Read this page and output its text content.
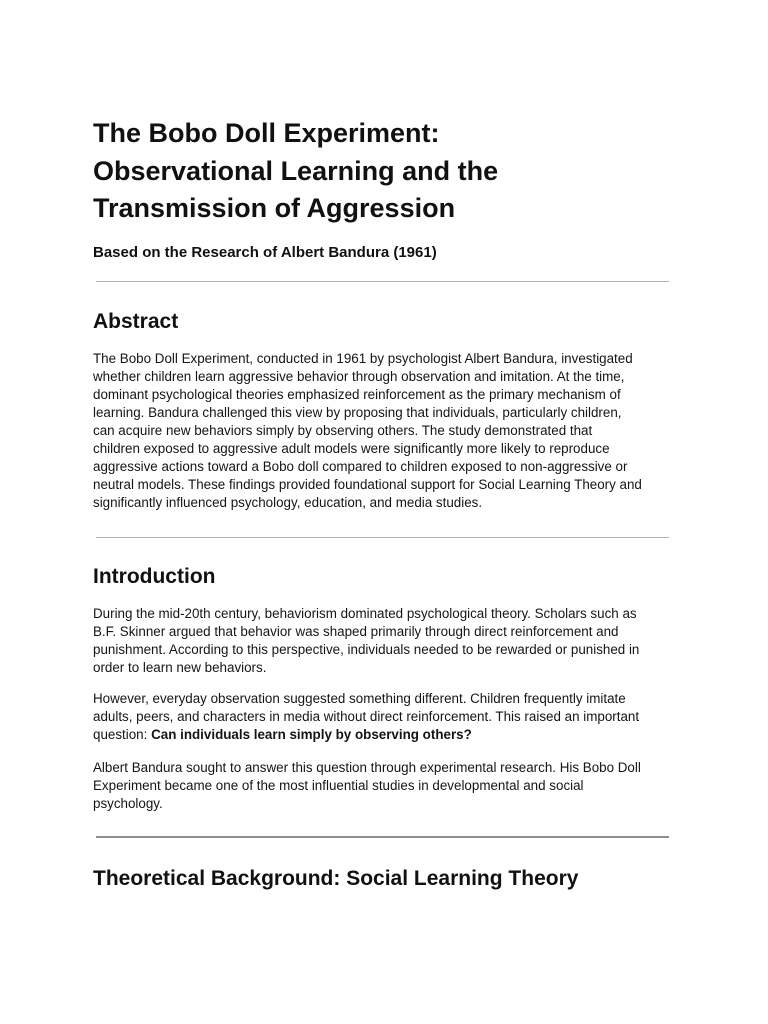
The Bobo Doll Experiment:
Observational Learning and the
Transmission of Aggression

Based on the Research of Albert Bandura (1961)

Abstract

The Bobo Doll Experiment, conducted in 1961 by psychologist Albert Bandura, investigated
whether children learn aggressive behavior through observation and imitation. At the time,
dominant psychological theories emphasized reinforcement as the primary mechanism of
learning. Bandura challenged this view by proposing that individuals, particularly children,
can acquire new behaviors simply by observing others. The study demonstrated that
children exposed to aggressive adult models were significantly more likely to reproduce
aggressive actions toward a Bobo doll compared to children exposed to non-aggressive or
neutral models. These findings provided foundational support for Social Learning Theory and
significantly influenced psychology, education, and media studies.

Introduction

During the mid-20th century, behaviorism dominated psychological theory. Scholars such as
B.F. Skinner argued that behavior was shaped primarily through direct reinforcement and
punishment. According to this perspective, individuals needed to be rewarded or punished in
order to learn new behaviors.

However, everyday observation suggested something different. Children frequently imitate
adults, peers, and characters in media without direct reinforcement. This raised an important
question: Can individuals learn simply by observing others?

Albert Bandura sought to answer this question through experimental research. His Bobo Doll
Experiment became one of the most influential studies in developmental and social
psychology.

Theoretical Background: Social Learning Theory
